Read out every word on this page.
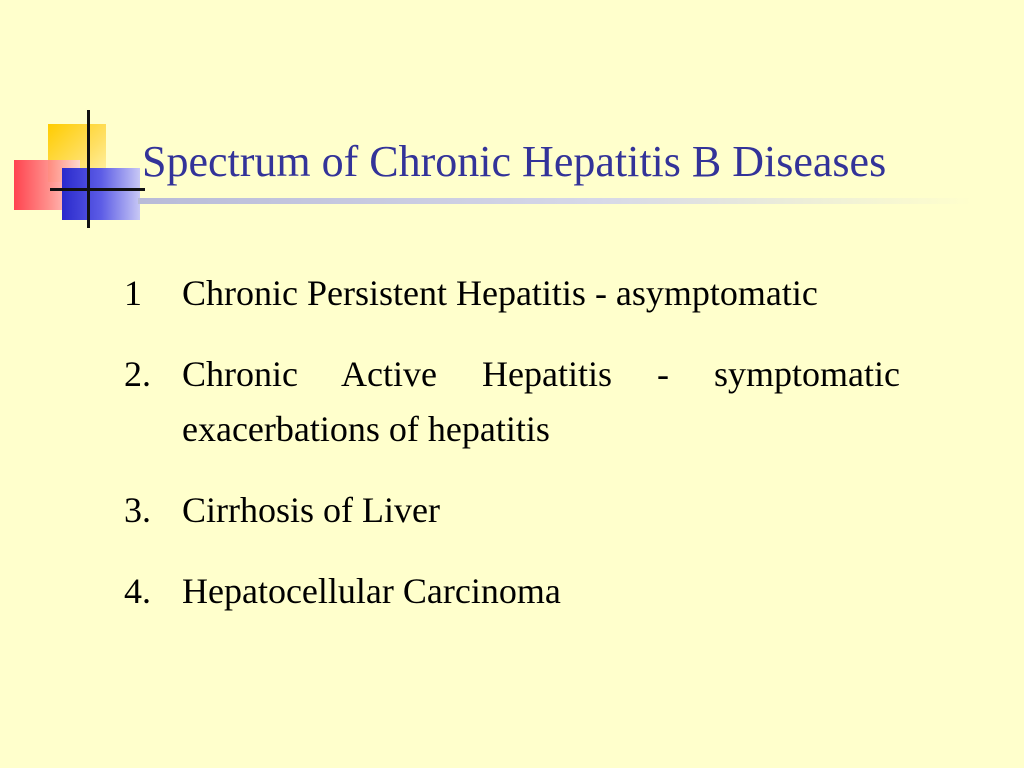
Spectrum of Chronic Hepatitis B Diseases
1 Chronic Persistent Hepatitis - asymptomatic
2. Chronic Active Hepatitis - symptomatic exacerbations of hepatitis
3. Cirrhosis of Liver
4. Hepatocellular Carcinoma
